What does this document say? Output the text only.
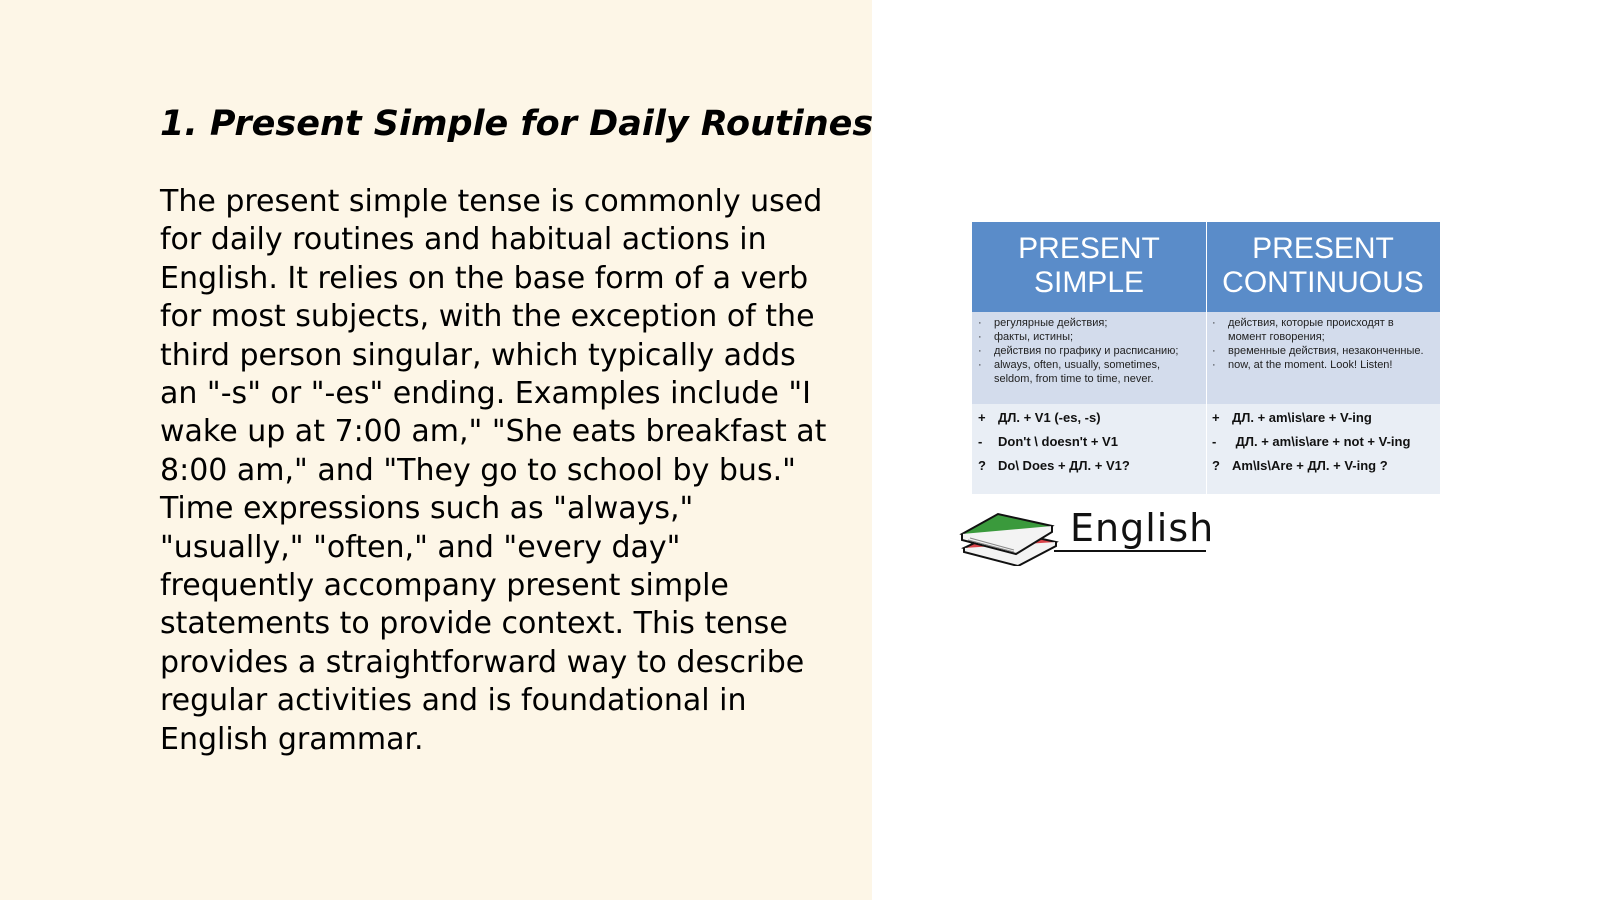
1. Present Simple for Daily Routines

The present simple tense is commonly used for daily routines and habitual actions in English. It relies on the base form of a verb for most subjects, with the exception of the third person singular, which typically adds an "-s" or "-es" ending. Examples include "I wake up at 7:00 am," "She eats breakfast at 8:00 am," and "They go to school by bus." Time expressions such as "always," "usually," "often," and "every day" frequently accompany present simple statements to provide context. This tense provides a straightforward way to describe regular activities and is foundational in English grammar.

PRESENT
SIMPLE
PRESENT
CONTINUOUS
· регулярные действия;
· факты, истины;
· действия по графику и расписанию;
· always, often, usually, sometimes, seldom, from time to time, never.
· действия, которые происходят в момент говорения;
· временные действия, незаконченные.
· now, at the moment. Look! Listen!
+ ДЛ. + V1 (-es, -s)
- Don't \ doesn't + V1
? Do\ Does + ДЛ. + V1?
+ ДЛ. + am\is\are + V-ing
- ДЛ. + am\is\are + not + V-ing
? Am\Is\Are + ДЛ. + V-ing ?
English
